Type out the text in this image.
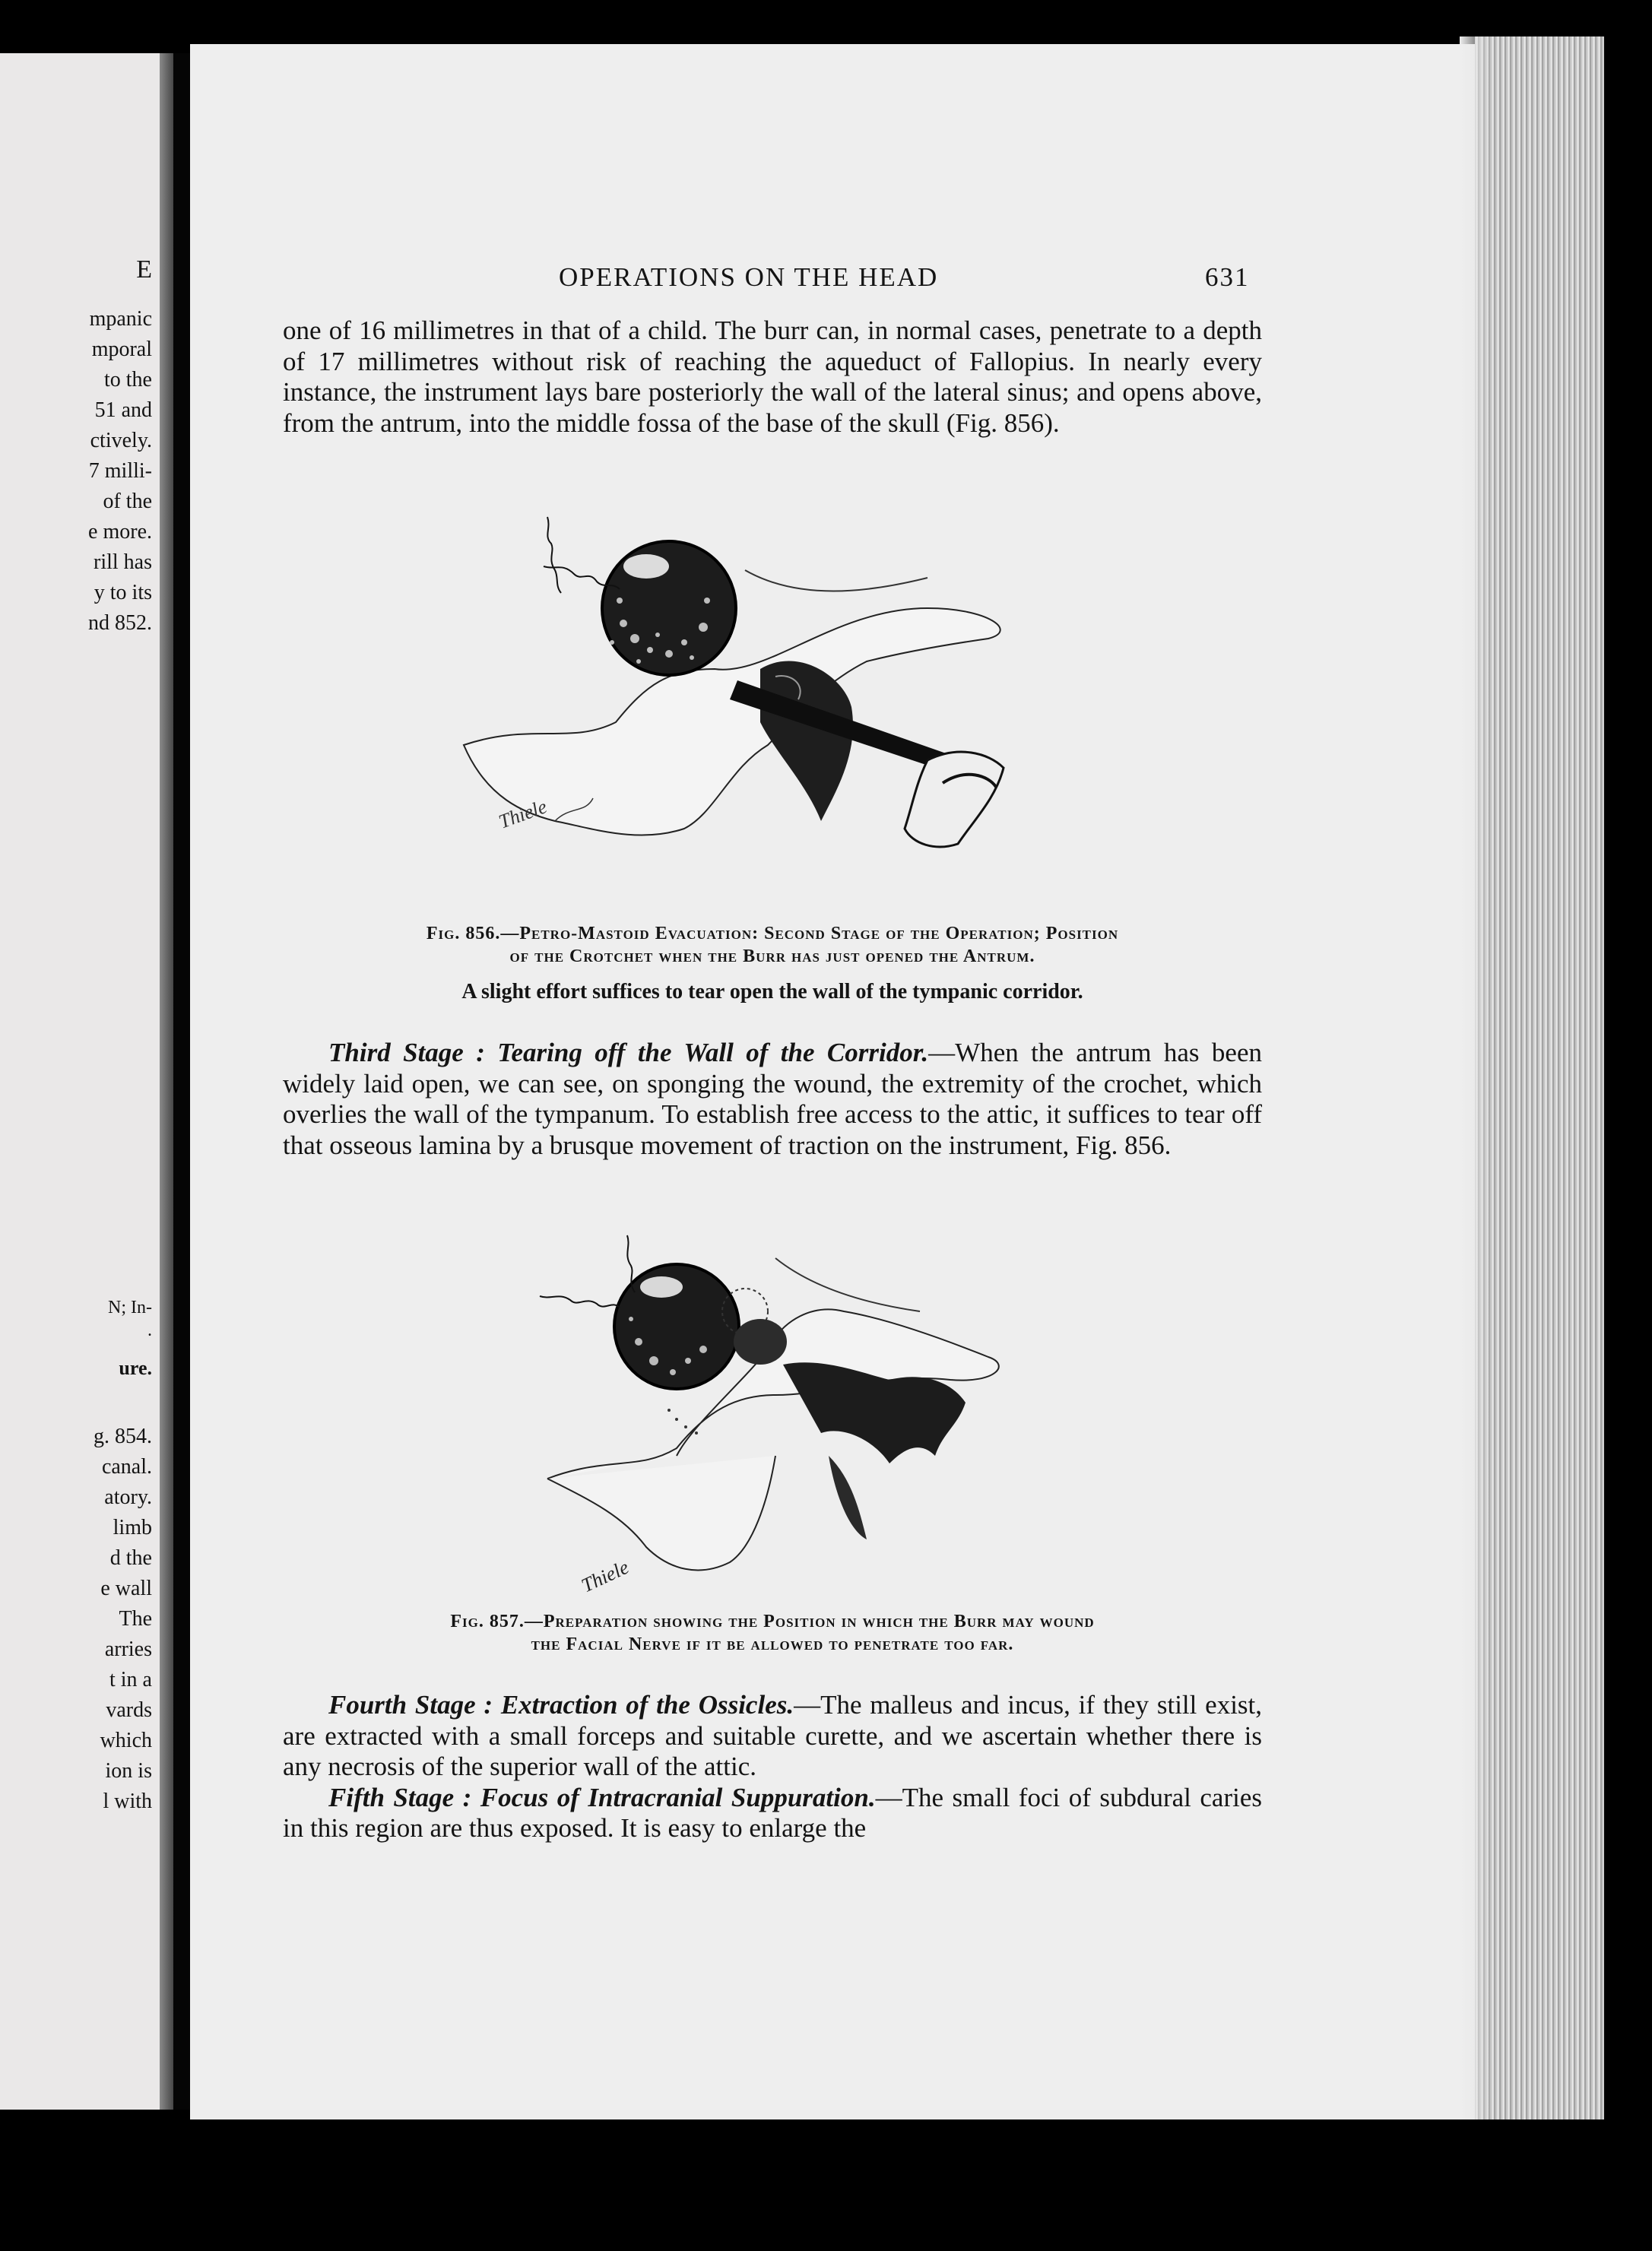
E
mpanic
mporal
to the
51 and
ctively.
7 milli-
of the
e more.
rill has
y to its
nd 852.
N; In-
.
ure.
g. 854.
canal.
atory.
limb
d the
e wall
The
arries
t in a
vards
which
ion is
l with
OPERATIONS ON THE HEAD	631

one of 16 millimetres in that of a child. The burr can, in normal cases, penetrate to a depth of 17 millimetres without risk of reaching the aqueduct of Fallopius. In nearly every instance, the instrument lays bare posteriorly the wall of the lateral sinus; and opens above, from the antrum, into the middle fossa of the base of the skull (Fig. 856).

Thiele
Fig. 856.—Petro-Mastoid Evacuation: Second Stage of the Operation; Position
of the Crotchet when the Burr has just opened the Antrum.
A slight effort suffices to tear open the wall of the tympanic corridor.

Third Stage : Tearing off the Wall of the Corridor.—When the antrum has been widely laid open, we can see, on sponging the wound, the extremity of the crochet, which overlies the wall of the tympanum. To establish free access to the attic, it suffices to tear off that osseous lamina by a brusque movement of traction on the instrument, Fig. 856.

Thiele
Fig. 857.—Preparation showing the Position in which the Burr may wound
the Facial Nerve if it be allowed to penetrate too far.

Fourth Stage : Extraction of the Ossicles.—The malleus and incus, if they still exist, are extracted with a small forceps and suitable curette, and we ascertain whether there is any necrosis of the superior wall of the attic.

Fifth Stage : Focus of Intracranial Suppuration.—The small foci of subdural caries in this region are thus exposed. It is easy to enlarge the
